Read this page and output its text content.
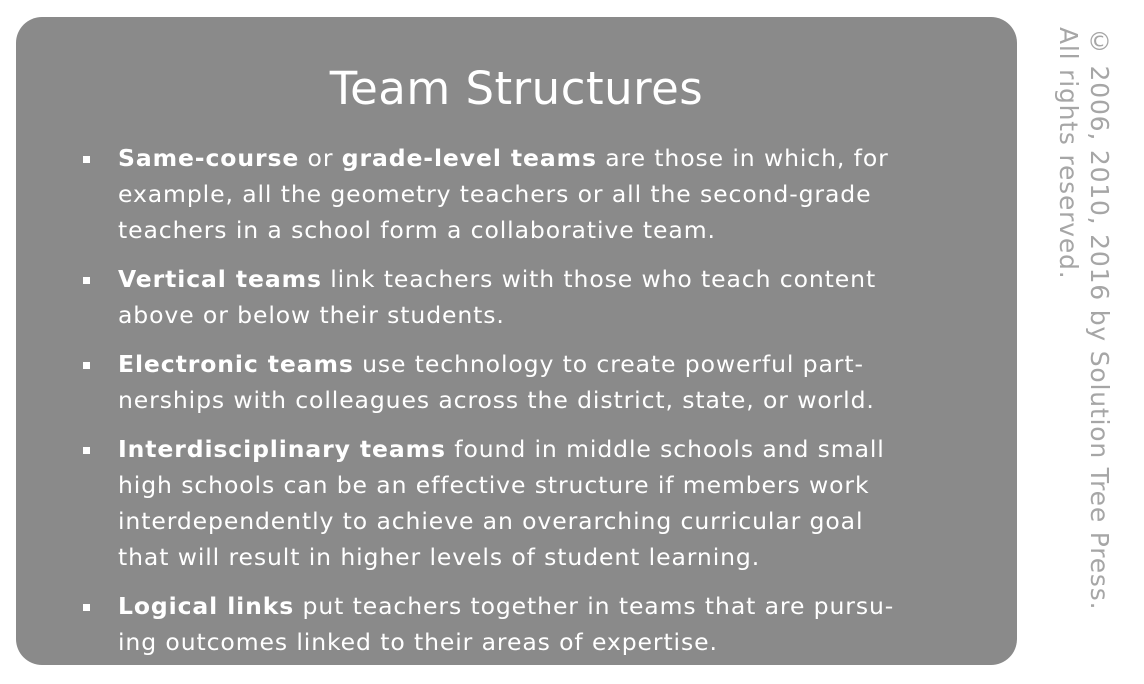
Team Structures
Same-course or grade-level teams are those in which, for
example, all the geometry teachers or all the second-grade
teachers in a school form a collaborative team.
Vertical teams link teachers with those who teach content
above or below their students.
Electronic teams use technology to create powerful part-
nerships with colleagues across the district, state, or world.
Interdisciplinary teams found in middle schools and small
high schools can be an effective structure if members work
interdependently to achieve an overarching curricular goal
that will result in higher levels of student learning.
Logical links put teachers together in teams that are pursu-
ing outcomes linked to their areas of expertise.
© 2006, 2010, 2016 by Solution Tree Press.
All rights reserved.
